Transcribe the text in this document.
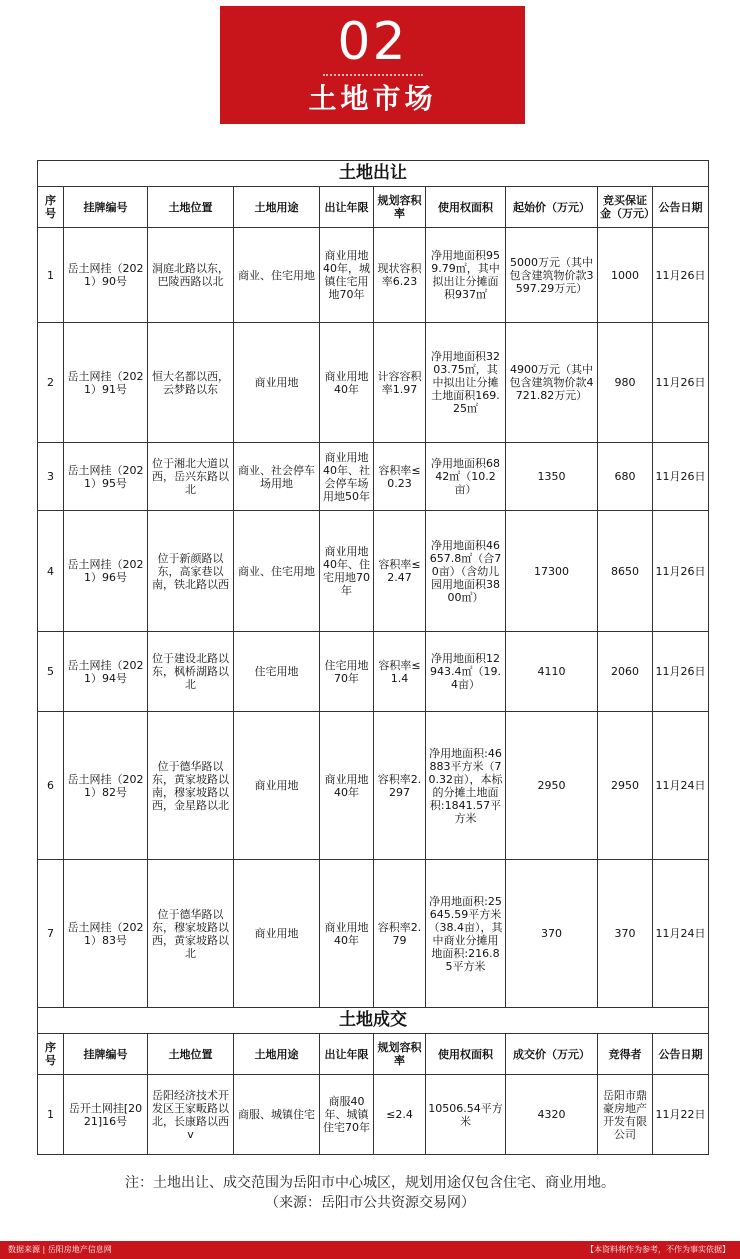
02
土地市场
土地出让									
序号	挂牌编号	土地位置	土地用途	出让年限	规划容积率	使用权面积	起始价（万元）	竞买保证金（万元）	公告日期
1	岳土网挂（2021）90号	洞庭北路以东，巴陵西路以北	商业、住宅用地	商业用地40年，城镇住宅用地70年	现状容积率6.23	净用地面积959.79㎡，其中拟出让分摊面积937㎡	5000万元（其中包含建筑物价款3597.29万元）	1000	11月26日
2	岳土网挂（2021）91号	恒大名都以西，云梦路以东	商业用地	商业用地40年	计容容积率1.97	净用地面积3203.75㎡，其中拟出让分摊土地面积169.25㎡	4900万元（其中包含建筑物价款4721.82万元）	980	11月26日
3	岳土网挂（2021）95号	位于湘北大道以西，岳兴东路以北	商业、社会停车场用地	商业用地40年、社会停车场用地50年	容积率≤0.23	净用地面积6842㎡（10.2亩）	1350	680	11月26日
4	岳土网挂（2021）96号	位于新颜路以东，高家巷以南，铁北路以西	商业、住宅用地	商业用地40年、住宅用地70年	容积率≤2.47	净用地面积46657.8㎡（合70亩）（含幼儿园用地面积3800㎡）	17300	8650	11月26日
5	岳土网挂（2021）94号	位于建设北路以东，枫桥湖路以北	住宅用地	住宅用地70年	容积率≤1.4	净用地面积12943.4㎡（19.4亩）	4110	2060	11月26日
6	岳土网挂（2021）82号	位于德华路以东，黄家坡路以南，穆家坡路以西，金星路以北	商业用地	商业用地40年	容积率2.297	净用地面积:46883平方米（70.32亩），本标的分摊土地面积:1841.57平方米	2950	2950	11月24日
7	岳土网挂（2021）83号	位于德华路以东，穆家坡路以西，黄家坡路以北	商业用地	商业用地40年	容积率2.79	净用地面积:25645.59平方米（38.4亩），其中商业分摊用地面积:216.85平方米	370	370	11月24日
土地成交									
序号	挂牌编号	土地位置	土地用途	出让年限	规划容积率	使用权面积	成交价（万元）	竞得者	公告日期
1	岳开土网挂[2021]16号	岳阳经济技术开发区王家畈路以北，长康路以西v	商服、城镇住宅	商服40年、城镇住宅70年	≤2.4	10506.54平方米	4320	岳阳市鼎豪房地产开发有限公司	11月22日
注：土地出让、成交范围为岳阳市中心城区，规划用途仅包含住宅、商业用地。
（来源：岳阳市公共资源交易网）
数据来源 | 岳阳房地产信息网	【本资料将作为参考，不作为事实依据】
